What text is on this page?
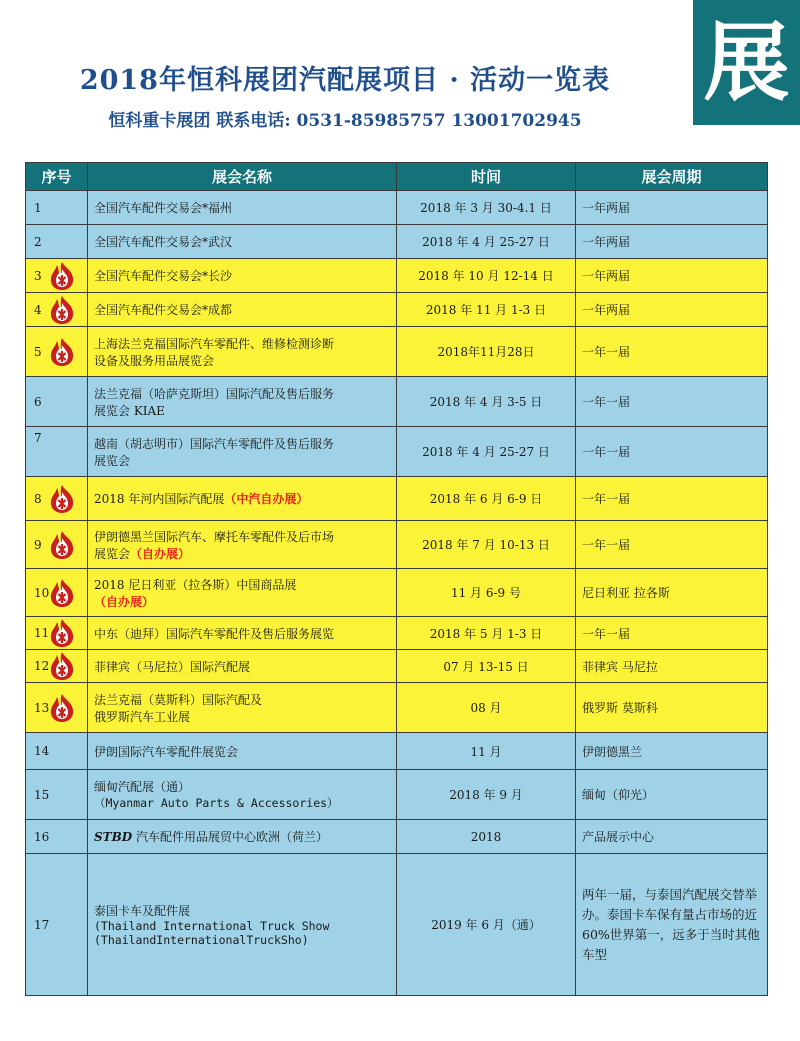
展
2018年恒科展团汽配展项目 · 活动一览表
恒科重卡展团 联系电话: 0531-85985757 13001702945
序号	展会名称	时间	展会周期
1	全国汽车配件交易会*福州	2018 年 3 月 30-4.1 日	一年两届
2	全国汽车配件交易会*武汉	2018 年 4 月 25-27 日	一年两届
3	全国汽车配件交易会*长沙	2018 年 10 月 12-14 日	一年两届
4	全国汽车配件交易会*成都	2018 年 11 月 1-3 日	一年两届
5	上海法兰克福国际汽车零配件、维修检测诊断
设备及服务用品展览会	2018年11月28日	一年一届
6	法兰克福（哈萨克斯坦）国际汽配及售后服务
展览会 KIAE	2018 年 4 月 3-5 日	一年一届
7	越南（胡志明市）国际汽车零配件及售后服务
展览会	2018 年 4 月 25-27 日	一年一届
8	2018 年河内国际汽配展（中汽自办展）	2018 年 6 月 6-9 日	一年一届
9	伊朗德黑兰国际汽车、摩托车零配件及后市场
展览会（自办展）	2018 年 7 月 10-13 日	一年一届
10	2018 尼日利亚（拉各斯）中国商品展
（自办展）	11 月 6-9 号	尼日利亚 拉各斯
11	中东（迪拜）国际汽车零配件及售后服务展览	2018 年 5 月 1-3 日	一年一届
12	菲律宾（马尼拉）国际汽配展	07 月 13-15 日	菲律宾 马尼拉
13	法兰克福（莫斯科）国际汽配及
俄罗斯汽车工业展	08 月	俄罗斯 莫斯科
14	伊朗国际汽车零配件展览会	11 月	伊朗德黑兰
15	缅甸汽配展（通）
（Myanmar Auto Parts & Accessories）	2018 年 9 月	缅甸（仰光）
16	STBD 汽车配件用品展贸中心欧洲（荷兰）	2018	产品展示中心
17	泰国卡车及配件展
(Thailand International Truck Show
(ThailandInternationalTruckSho)	2019 年 6 月（通）	两年一届，与泰国汽配展交替举办。泰国卡车保有量占市场的近 60%世界第一，远多于当时其他车型
